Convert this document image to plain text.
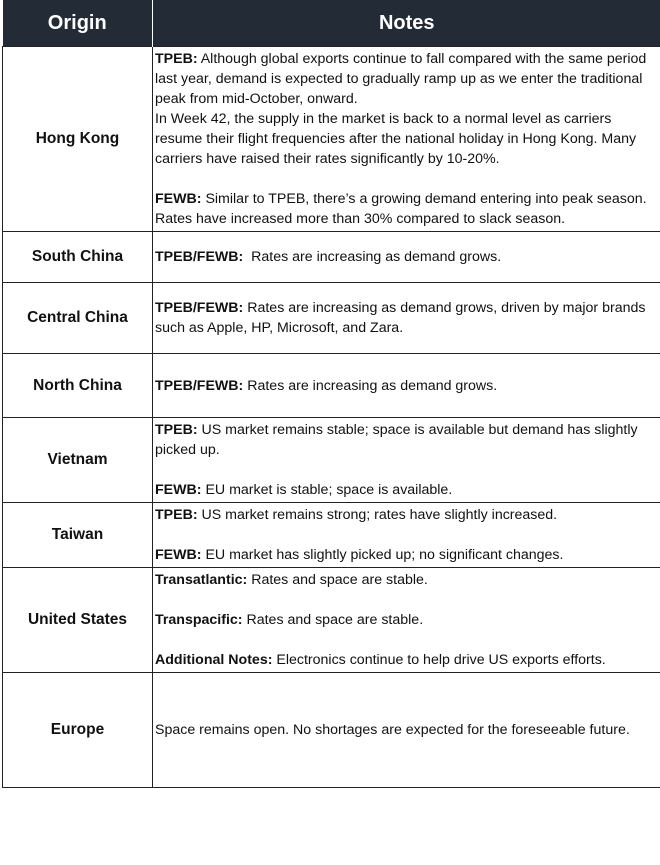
Origin	Notes
Hong Kong	TPEB: Although global exports continue to fall compared with the same period last year, demand is expected to gradually ramp up as we enter the traditional peak from mid-October, onward.
In Week 42, the supply in the market is back to a normal level as carriers resume their flight frequencies after the national holiday in Hong Kong. Many carriers have raised their rates significantly by 10-20%.
FEWB: Similar to TPEB, there’s a growing demand entering into peak season. Rates have increased more than 30% compared to slack season.

South China	TPEB/FEWB:  Rates are increasing as demand grows.

Central China	TPEB/FEWB: Rates are increasing as demand grows, driven by major brands such as Apple, HP, Microsoft, and Zara.

North China	TPEB/FEWB: Rates are increasing as demand grows.

Vietnam	TPEB: US market remains stable; space is available but demand has slightly picked up.
FEWB: EU market is stable; space is available.

Taiwan	TPEB: US market remains strong; rates have slightly increased.
FEWB: EU market has slightly picked up; no significant changes.

United States	Transatlantic: Rates and space are stable.
Transpacific: Rates and space are stable.
Additional Notes: Electronics continue to help drive US exports efforts.

Europe	Space remains open. No shortages are expected for the foreseeable future.
